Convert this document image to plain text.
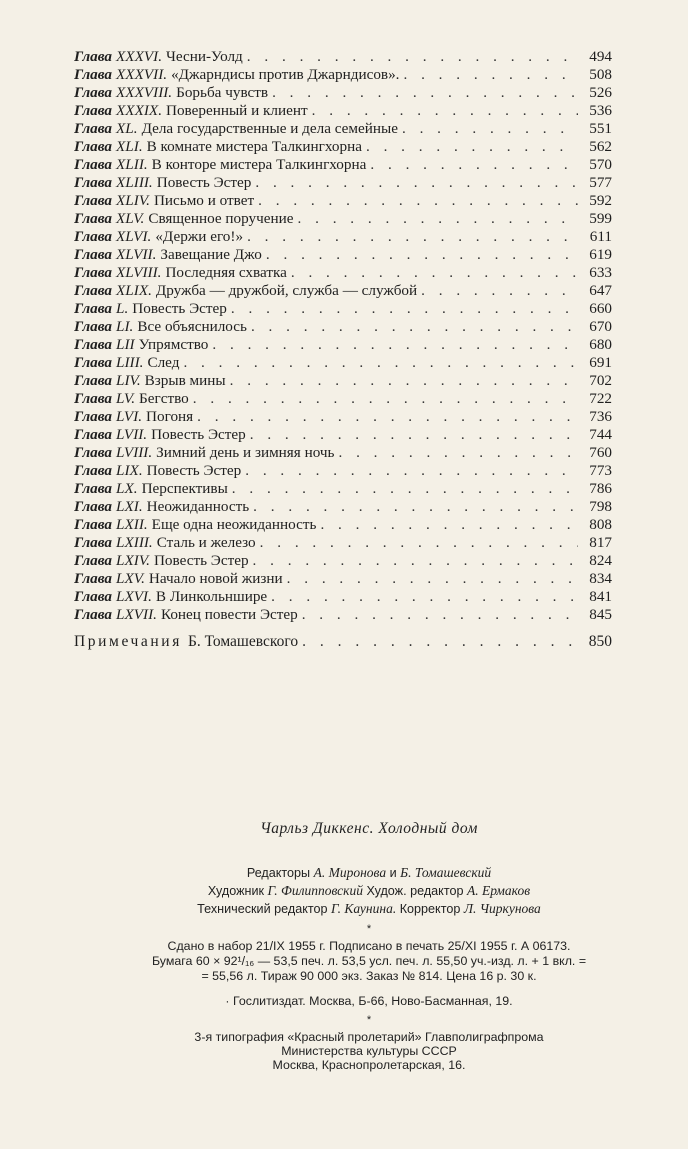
Глава XXXVI. Чесни-Уолд . . .	494
Глава XXXVII. «Джарндисы против Джарндисов». . . .	508
Глава XXXVIII. Борьба чувств . . .	526
Глава XXXIX. Поверенный и клиент . . .	536
Глава XL. Дела государственные и дела семейные . . .	551
Глава XLI. В комнате мистера Талкингхорна . . .	562
Глава XLII. В конторе мистера Талкингхорна . . .	570
Глава XLIII. Повесть Эстер . . .	577
Глава XLIV. Письмо и ответ . . .	592
Глава XLV. Священное поручение . . .	599
Глава XLVI. «Держи его!» . . .	611
Глава XLVII. Завещание Джо . . .	619
Глава XLVIII. Последняя схватка . . .	633
Глава XLIX. Дружба — дружбой, служба — службой . . .	647
Глава L. Повесть Эстер . . .	660
Глава LI. Все объяснилось . . .	670
Глава LII Упрямство . . .	680
Глава LIII. След . . .	691
Глава LIV. Взрыв мины . . .	702
Глава LV. Бегство . . .	722
Глава LVI. Погоня . . .	736
Глава LVII. Повесть Эстер . . .	744
Глава LVIII. Зимний день и зимняя ночь . . .	760
Глава LIX. Повесть Эстер . . .	773
Глава LX. Перспективы . . .	786
Глава LXI. Неожиданность . . .	798
Глава LXII. Еще одна неожиданность . . .	808
Глава LXIII. Сталь и железо . . .	817
Глава LXIV. Повесть Эстер . . .	824
Глава LXV. Начало новой жизни . . .	834
Глава LXVI. В Линкольншире . . .	841
Глава LXVII. Конец повести Эстер . . .	845
Примечания Б. Томашевского . . .	850
Чарльз Диккенс. Холодный дом
Редакторы А. Миронова и Б. Томашевский
Художник Г. Филипповский Худож. редактор А. Ермаков
Технический редактор Г. Каунина. Корректор Л. Чиркунова
*
Сдано в набор 21/IX 1955 г. Подписано в печать 25/XI 1955 г. А 06173.
Бумага 60 × 92¹/₁₆ — 53,5 печ. л. 53,5 усл. печ. л. 55,50 уч.-изд. л. + 1 вкл. =
= 55,56 л. Тираж 90 000 экз. Заказ № 814. Цена 16 р. 30 к.
· Гослитиздат. Москва, Б-66, Ново-Басманная, 19.
*
3-я типография «Красный пролетарий» Главполиграфпрома
Министерства культуры СССР
Москва, Краснопролетарская, 16.
